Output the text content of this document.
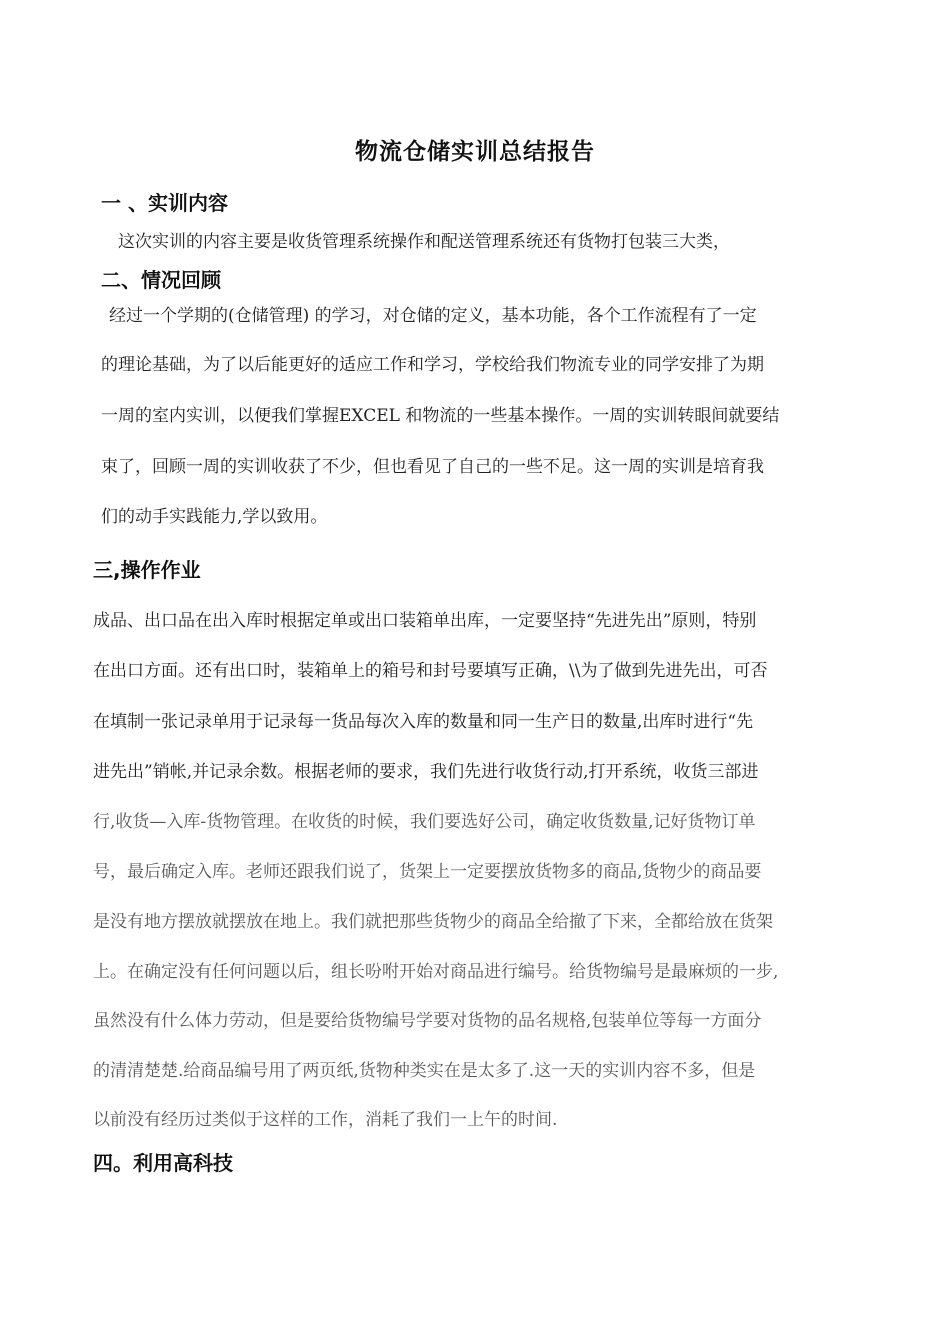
物流仓储实训总结报告
一 、实训内容
这次实训的内容主要是收货管理系统操作和配送管理系统还有货物打包装三大类，
二、情况回顾
经过一个学期的(仓储管理) 的学习，对仓储的定义，基本功能，各个工作流程有了一定
的理论基础，为了以后能更好的适应工作和学习，学校给我们物流专业的同学安排了为期
一周的室内实训，以便我们掌握EXCEL 和物流的一些基本操作。一周的实训转眼间就要结
束了，回顾一周的实训收获了不少，但也看见了自己的一些不足。这一周的实训是培育我
们的动手实践能力,学以致用。
三,操作作业
成品、出口品在出入库时根据定单或出口装箱单出库，一定要坚持“先进先出”原则，特别
在出口方面。还有出口时，装箱单上的箱号和封号要填写正确，\\为了做到先进先出，可否
在填制一张记录单用于记录每一货品每次入库的数量和同一生产日的数量,出库时进行“先
进先出”销帐,并记录余数。根据老师的要求，我们先进行收货行动,打开系统，收货三部进
行,收货—入库-货物管理。在收货的时候，我们要选好公司，确定收货数量,记好货物订单
号，最后确定入库。老师还跟我们说了，货架上一定要摆放货物多的商品,货物少的商品要
是没有地方摆放就摆放在地上。我们就把那些货物少的商品全给撤了下来，全都给放在货架
上。在确定没有任何问题以后，组长吩咐开始对商品进行编号。给货物编号是最麻烦的一步,
虽然没有什么体力劳动，但是要给货物编号学要对货物的品名规格,包装单位等每一方面分
的清清楚楚.给商品编号用了两页纸,货物种类实在是太多了.这一天的实训内容不多，但是
以前没有经历过类似于这样的工作，消耗了我们一上午的时间.
四。利用高科技
